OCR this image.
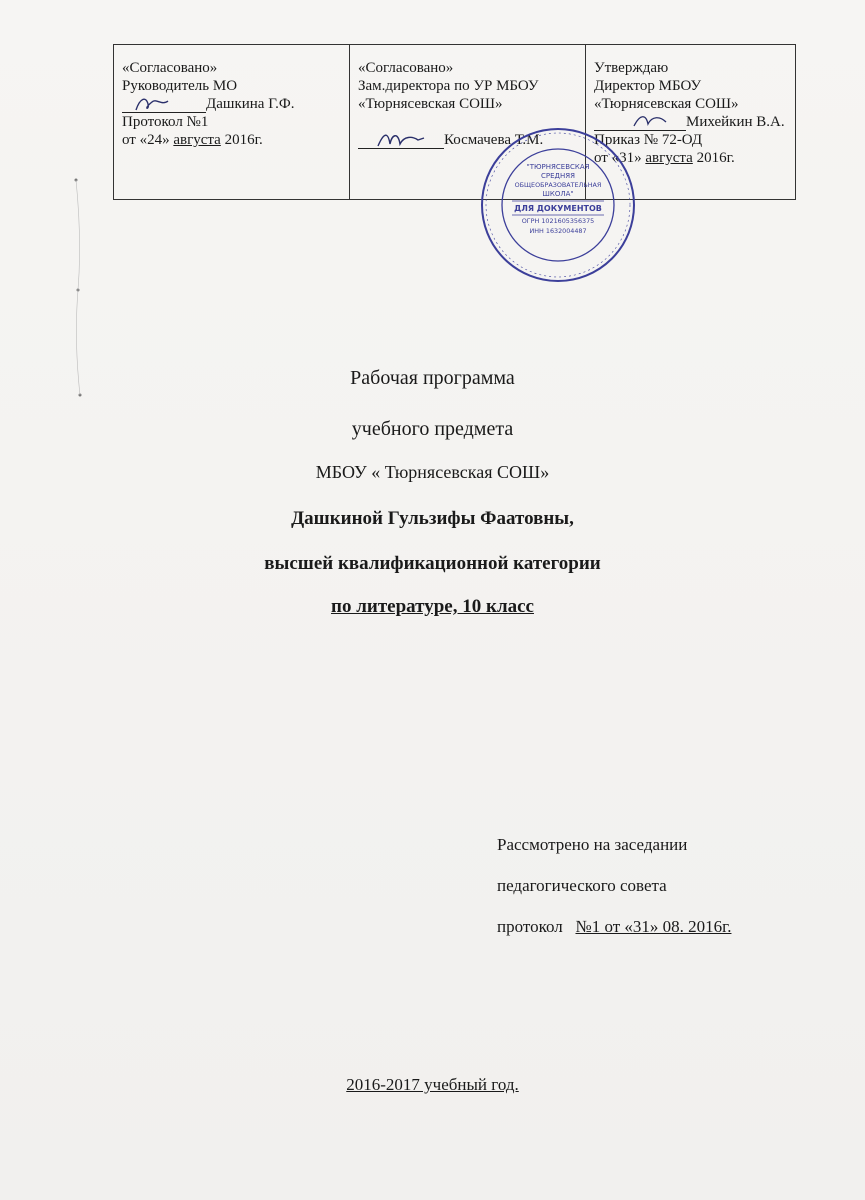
«Согласовано»
Руководитель МО
Дашкина Г.Ф.
Протокол №1
от «24» августа 2016г.

«Согласовано»
Зам.директора по УР МБОУ
«Тюрнясевская СОШ»
Космачева Т.М.

Утверждаю
Директор МБОУ
«Тюрнясевская СОШ»
Михейкин В.А.
Приказ № 72-ОД
от «31» августа 2016г.
"ТЮРНЯСЕВСКАЯ
СРЕДНЯЯ
ОБЩЕОБРАЗОВАТЕЛЬНАЯ
ШКОЛА"
ДЛЯ ДОКУМЕНТОВ
ОГРН 1021605356375
ИНН 1632004487
Рабочая программа
учебного предмета
МБОУ « Тюрнясевская СОШ»
Дашкиной Гульзифы Фаатовны,
высшей квалификационной категории
по литературе, 10 класс
Рассмотрено на заседании
педагогического совета
протокол   №1 от «31» 08. 2016г.
2016-2017 учебный год.
